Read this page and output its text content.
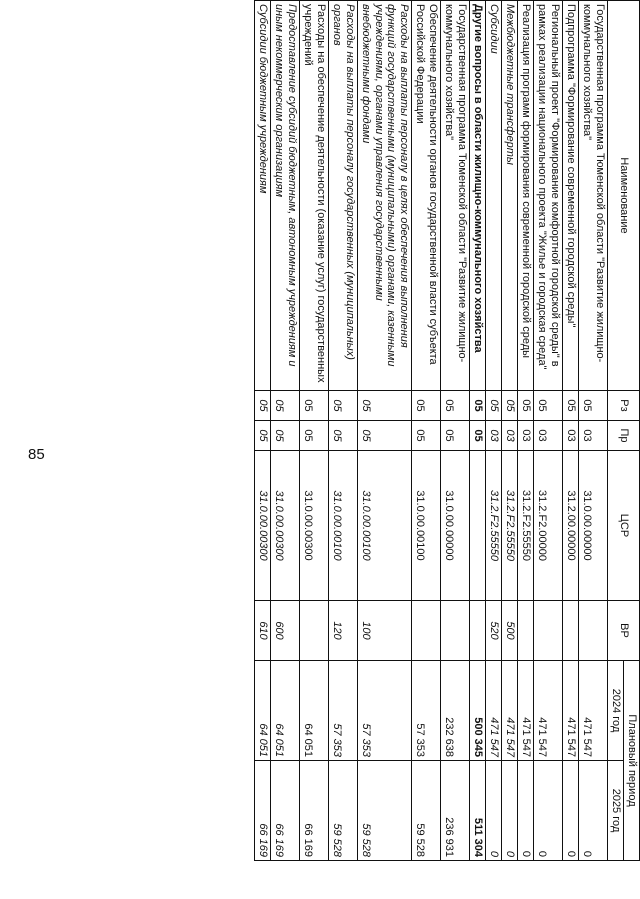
85
Наименование	Рз	Пр	ЦСР	ВР	Плановый период	
					2024 год	2025 год
Государственная программа Тюменской области "Развитие жилищно-коммунального хозяйства"	05	03	31.0.00.00000		471 547	0
Подпрограмма "Формирование современной городской среды"	05	03	31.2.00.00000		471 547	0
Региональный проект "Формирование комфортной городской среды" в рамках реализации национального проекта "Жилье и городская среда"	05	03	31.2.F2.00000		471 547	0
Реализация программ формирования современной городской среды	05	03	31.2.F2.55550		471 547	0
Межбюджетные трансферты	05	03	31.2.F2.55550	500	471 547	0
Субсидии	05	03	31.2.F2.55550	520	471 547	0
Другие вопросы в области жилищно-коммунального хозяйства	05	05			500 345	511 304
Государственная программа Тюменской области "Развитие жилищно-коммунального хозяйства"	05	05	31.0.00.00000		232 638	236 931
Обеспечение деятельности органов государственной власти субъекта Российской Федерации	05	05	31.0.00.00100		57 353	59 528
Расходы на выплаты персоналу в целях обеспечения выполнения функций государственными (муниципальными) органами, казенными учреждениями, органами управления государственными внебюджетными фондами	05	05	31.0.00.00100	100	57 353	59 528
Расходы на выплаты персоналу государственных (муниципальных) органов	05	05	31.0.00.00100	120	57 353	59 528
Расходы на обеспечение деятельности (оказание услуг) государственных учреждений	05	05	31.0.00.00300		64 051	66 169
Предоставление субсидий бюджетным, автономным учреждениям и иным некоммерческим организациям	05	05	31.0.00.00300	600	64 051	66 169
Субсидии бюджетным учреждениям	05	05	31.0.00.00300	610	64 051	66 169
